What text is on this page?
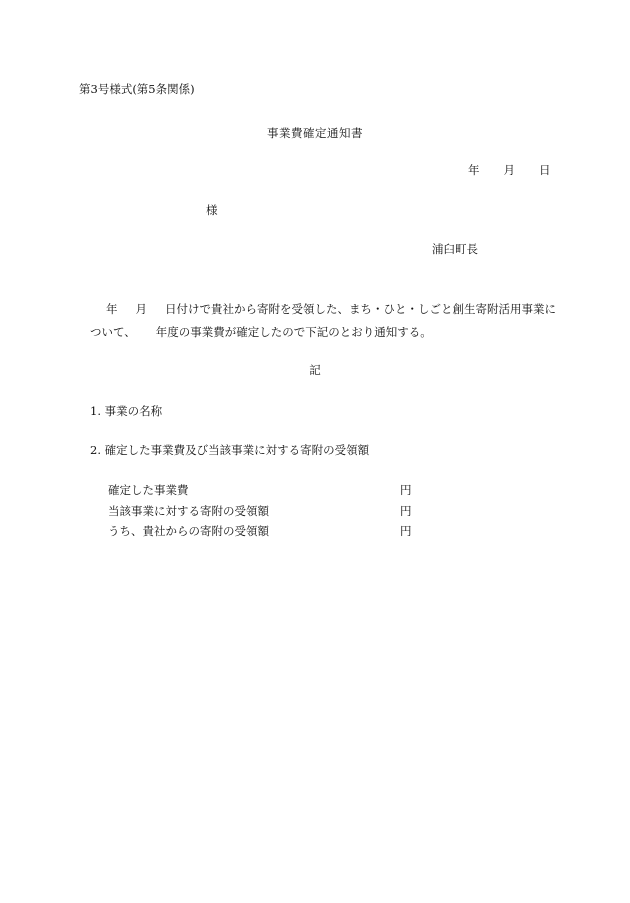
第3号様式(第5条関係)
事業費確定通知書
年 月 日
様
浦臼町長
年 月 日付けで貴社から寄附を受領した、まち・ひと・しごと創生寄附活用事業に
ついて、 年度の事業費が確定したので下記のとおり通知する。
記
1. 事業の名称
2. 確定した事業費及び当該事業に対する寄附の受領額
確定した事業費	円
当該事業に対する寄附の受領額	円
うち、貴社からの寄附の受領額	円
